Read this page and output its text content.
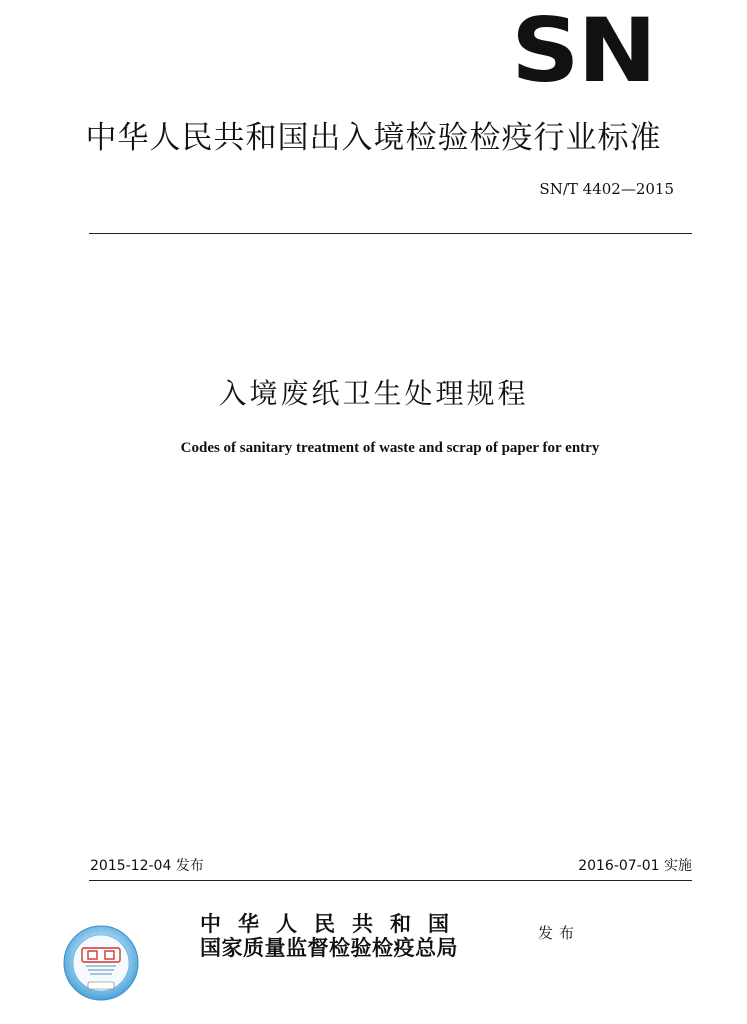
SN
中华人民共和国出入境检验检疫行业标准
SN/T 4402—2015
入境废纸卫生处理规程
Codes of sanitary treatment of waste and scrap of paper for entry
2015-12-04 发布	2016-07-01 实施
中华人民共和国
国家质量监督检验检疫总局
发布
